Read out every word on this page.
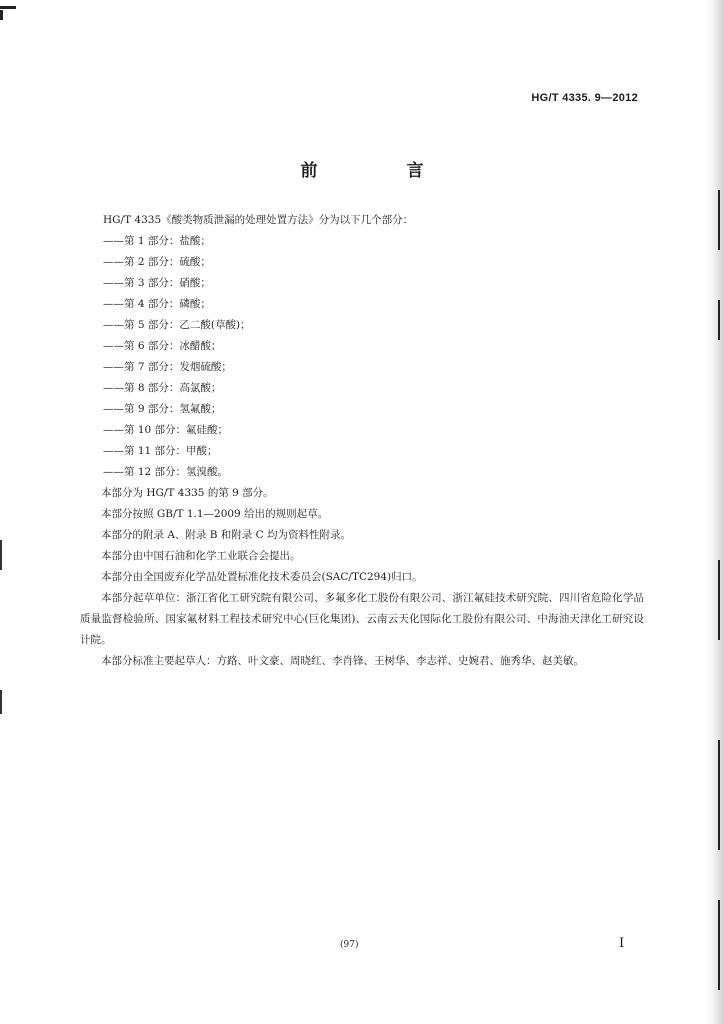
HG/T 4335. 9—2012
前　言
HG/T 4335《酸类物质泄漏的处理处置方法》分为以下几个部分：
——第 1 部分：盐酸；
——第 2 部分：硫酸；
——第 3 部分：硝酸；
——第 4 部分：磷酸；
——第 5 部分：乙二酸(草酸)；
——第 6 部分：冰醋酸；
——第 7 部分：发烟硫酸；
——第 8 部分：高氯酸；
——第 9 部分：氢氟酸；
——第 10 部分：氟硅酸；
——第 11 部分：甲酸；
——第 12 部分：氢溴酸。
本部分为 HG/T 4335 的第 9 部分。
本部分按照 GB/T 1.1—2009 给出的规则起草。
本部分的附录 A、附录 B 和附录 C 均为资料性附录。
本部分由中国石油和化学工业联合会提出。
本部分由全国废弃化学品处置标准化技术委员会(SAC/TC294)归口。
本部分起草单位：浙江省化工研究院有限公司、多氟多化工股份有限公司、浙江氟硅技术研究院、四川省危险化学品质量监督检验所、国家氟材料工程技术研究中心(巨化集团)、云南云天化国际化工股份有限公司、中海油天津化工研究设计院。
本部分标准主要起草人：方路、叶文豪、周晓红、李肖锋、王树华、李志祥、史婉君、施秀华、赵美敏。
(97)	I
